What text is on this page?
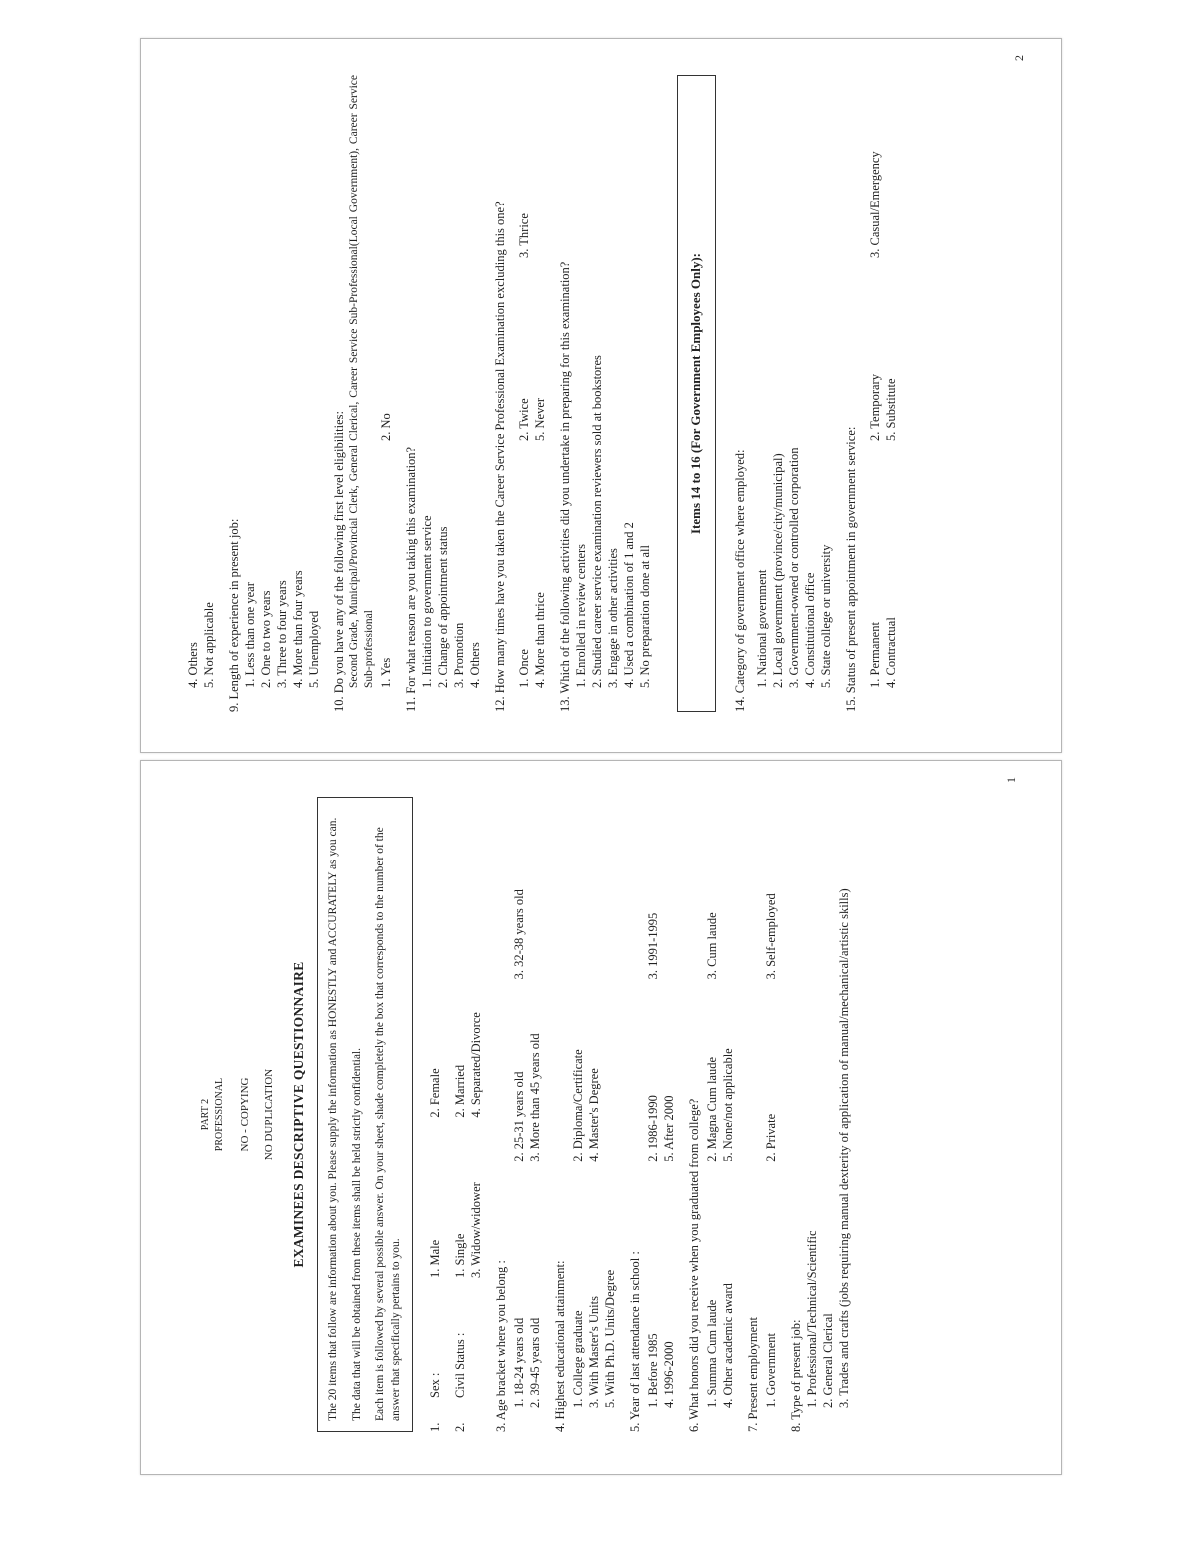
4. Others 5. Not applicable 9. Length of experience in present job: 1. Less than one year 2. One to two years 3. Three to four years 4. More than four years 5. Unemployed 10. Do you have any of the following first level eligibilities: Second Grade, Municipal/Provincial Clerk, General Clerical, Career Service Sub-Professional(Local Government), Career Service Sub-professional 1. Yes
2. No
11. For what reason are you taking this examination? 1. Initiation to government service 2. Change of appointment status 3. Promotion 4. Others 12. How many times have you taken the Career Service Professional Examination excluding this one? 1. Once
2. Twice
3. Thrice
4. More than thrice
5. Never 13. Which of the following activities did you undertake in preparing for this examination? 1. Enrolled in review centers 2. Studied career service examination reviewers sold at bookstores 3. Engage in other activities 4. Used a combination of 1 and 2 5. No preparation done at all
Items 14 to 16 (For Government Employees Only):
14. Category of government office where employed: 1. National government 2. Local government (province/city/municipal) 3. Government-owned or controlled corporation 4. Constitutional office 5. State college or university 15. Status of present appointment in government service: 1. Permanent
2. Temporary
3. Casual/Emergency
4. Contractual
5. Substitute
2
PART 2 PROFESSIONAL NO - COPYING NO DUPLICATION EXAMINEES DESCRIPTIVE QUESTIONNAIRE The 20 items that follow are information about you. Please supply the information as HONESTLY and ACCURATELY as you can. The data that will be obtained from these items shall be held strictly confidential. Each item is followed by several possible answer. On your sheet, shade completely the box that corresponds to the number of the answer that specifically pertains to you.
1.
Sex :
1. Male
2. Female
2.
Civil Status :
1. Single
2. Married
3. Widow/widower
4. Separated/Divorce
3. Age bracket where you belong : 1. 18-24 years old
2. 25-31 years old
3. 32-38 years old
2. 39-45 years old
3. More than 45 years old
4. Highest educational attainment: 1. College graduate
2. Diploma/Certificate
3. With Master's Units
4. Master's Degree
5. With Ph.D. Units/Degree 5. Year of last attendance in school : 1. Before 1985
2. 1986-1990
3. 1991-1995
4. 1996-2000
5. After 2000 6. What honors did you receive when you graduated from college? 1. Summa Cum laude
2. Magna Cum laude
3. Cum laude
4. Other academic award
5. None/not applicable
7. Present employment 1. Government
2. Private
3. Self-employed
8. Type of present job: 1. Professional/Technical/Scientific 2. General Clerical 3. Trades and crafts (jobs requiring manual dexterity of application of manual/mechanical/artistic skills)
1
